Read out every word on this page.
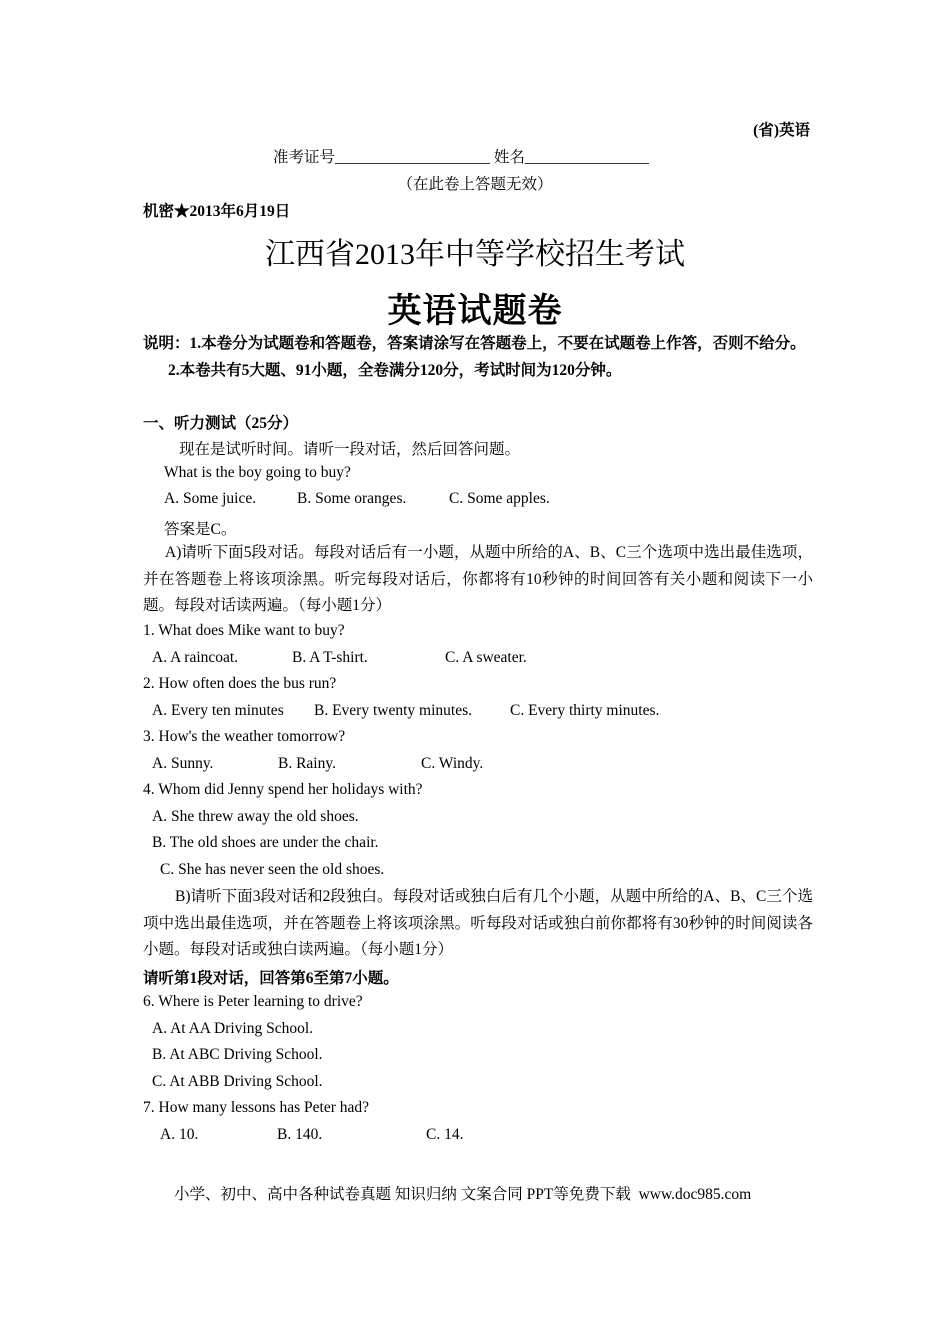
(省)英语
准考证号____________________ 姓名________________
（在此卷上答题无效）
机密★2013年6月19日
江西省2013年中等学校招生考试
英语试题卷
说明：1.本卷分为试题卷和答题卷，答案请涂写在答题卷上，不要在试题卷上作答，否则不给分。
2.本卷共有5大题、91小题，全卷满分120分，考试时间为120分钟。
一、听力测试（25分）
现在是试听时间。请听一段对话，然后回答问题。
What is the boy going to buy?
A. Some juice.	B. Some oranges.	C. Some apples.
答案是C。
A)请听下面5段对话。每段对话后有一小题，从题中所给的A、B、C三个选项中选出最佳选项，并在答题卷上将该项涂黑。听完每段对话后，你都将有10秒钟的时间回答有关小题和阅读下一小题。每段对话读两遍。（每小题1分）
1. What does Mike want to buy?
A. A raincoat.	B. A T-shirt.	C. A sweater.
2. How often does the bus run?
A. Every ten minutes B. Every twenty minutes. C. Every thirty minutes.
3. How's the weather tomorrow?
A. Sunny.	B. Rainy.	C. Windy.
4. Whom did Jenny spend her holidays with?
A. She threw away the old shoes.
B. The old shoes are under the chair.
C. She has never seen the old shoes.
B)请听下面3段对话和2段独白。每段对话或独白后有几个小题，从题中所给的A、B、C三个选项中选出最佳选项，并在答题卷上将该项涂黑。听每段对话或独白前你都将有30秒钟的时间阅读各小题。每段对话或独白读两遍。（每小题1分）
请听第1段对话，回答第6至第7小题。
6. Where is Peter learning to drive?
A. At AA Driving School.
B. At ABC Driving School.
C. At ABB Driving School.
7. How many lessons has Peter had?
A. 10.	B. 140.	C. 14.
小学、初中、高中各种试卷真题 知识归纳 文案合同 PPT等免费下载 www.doc985.com
